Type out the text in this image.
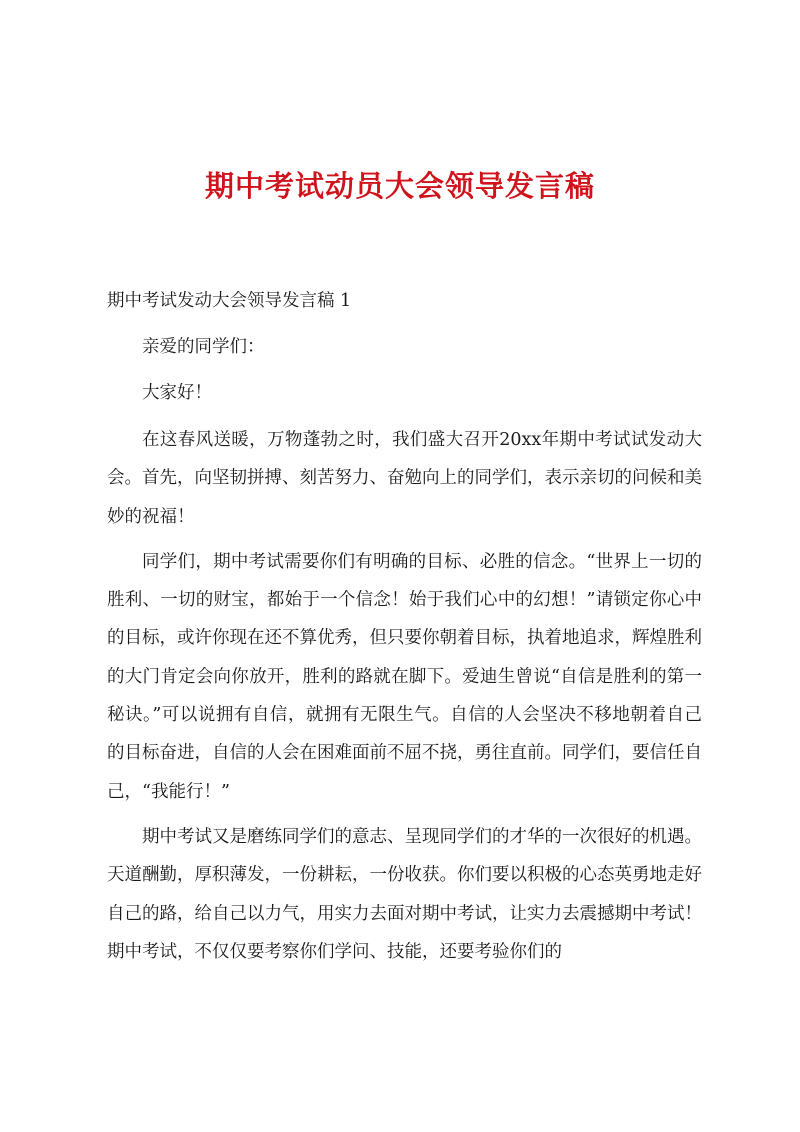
期中考试动员大会领导发言稿

期中考试发动大会领导发言稿 1

亲爱的同学们：

大家好！

在这春风送暖，万物蓬勃之时，我们盛大召开20xx年期中考试试发动大会。首先，向坚韧拼搏、刻苦努力、奋勉向上的同学们，表示亲切的问候和美妙的祝福！

同学们，期中考试需要你们有明确的目标、必胜的信念。“世界上一切的胜利、一切的财宝，都始于一个信念！始于我们心中的幻想！”请锁定你心中的目标，或许你现在还不算优秀，但只要你朝着目标，执着地追求，辉煌胜利的大门肯定会向你放开，胜利的路就在脚下。爱迪生曾说“自信是胜利的第一秘诀。”可以说拥有自信，就拥有无限生气。自信的人会坚决不移地朝着自己的目标奋进，自信的人会在困难面前不屈不挠，勇往直前。同学们，要信任自己，“我能行！”

期中考试又是磨练同学们的意志、呈现同学们的才华的一次很好的机遇。天道酬勤，厚积薄发，一份耕耘，一份收获。你们要以积极的心态英勇地走好自己的路，给自己以力气，用实力去面对期中考试，让实力去震撼期中考试！期中考试，不仅仅要考察你们学问、技能，还要考验你们的
